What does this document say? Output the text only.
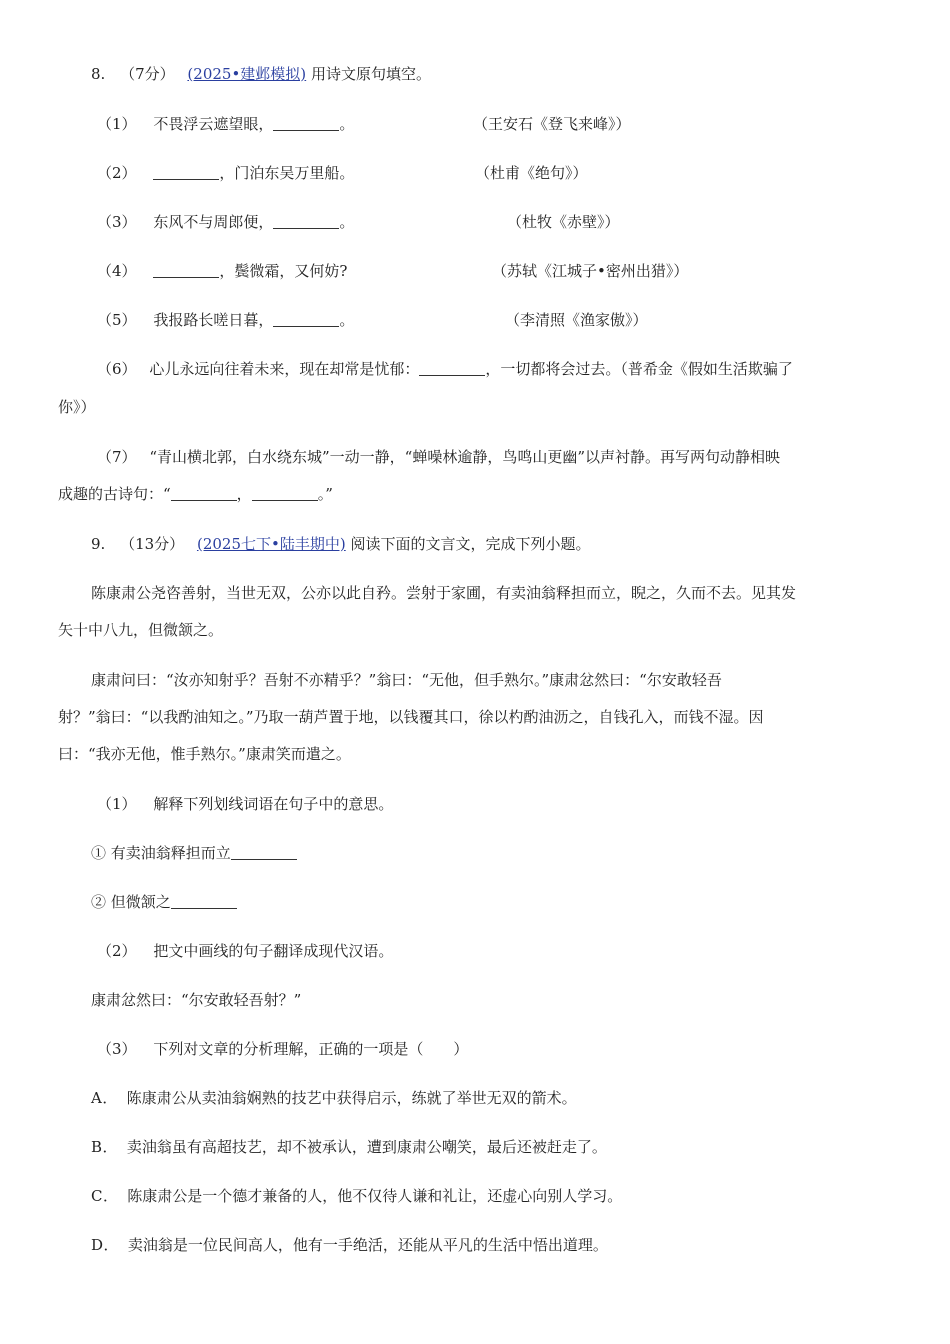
8. （7分） (2025•建邺模拟) 用诗文原句填空。
（1） 不畏浮云遮望眼，	。	（王安石《登飞来峰》）
（2）	，门泊东吴万里船。	（杜甫《绝句》）
（3） 东风不与周郎便，	。	（杜牧《赤壁》）
（4）	，鬓微霜，又何妨?	（苏轼《江城子•密州出猎》）
（5） 我报路长嗟日暮，	。	（李清照《渔家傲》）
（6） 心儿永远向往着未来，现在却常是忧郁：	，一切都将会过去。（普希金《假如生活欺骗了
你》）
（7） “青山横北郭，白水绕东城”一动一静，“蝉噪林逾静，鸟鸣山更幽”以声衬静。再写两句动静相映
成趣的古诗句：“	，	。”
9. （13分） (2025七下•陆丰期中) 阅读下面的文言文，完成下列小题。
陈康肃公尧咨善射，当世无双，公亦以此自矜。尝射于家圃，有卖油翁释担而立，睨之，久而不去。见其发
矢十中八九，但微颔之。
康肃问曰：“汝亦知射乎？吾射不亦精乎？”翁曰：“无他，但手熟尔。”康肃忿然曰：“尔安敢轻吾
射？”翁曰：“以我酌油知之。”乃取一葫芦置于地，以钱覆其口，徐以杓酌油沥之，自钱孔入，而钱不湿。因
曰：“我亦无他，惟手熟尔。”康肃笑而遣之。
（1） 解释下列划线词语在句子中的意思。
① 有卖油翁释担而立
② 但微颔之
（2） 把文中画线的句子翻译成现代汉语。
康肃忿然曰：“尔安敢轻吾射？”
（3） 下列对文章的分析理解，正确的一项是（　　）
A． 陈康肃公从卖油翁娴熟的技艺中获得启示，练就了举世无双的箭术。
B． 卖油翁虽有高超技艺，却不被承认，遭到康肃公嘲笑，最后还被赶走了。
C． 陈康肃公是一个德才兼备的人，他不仅待人谦和礼让，还虚心向别人学习。
D． 卖油翁是一位民间高人，他有一手绝活，还能从平凡的生活中悟出道理。
